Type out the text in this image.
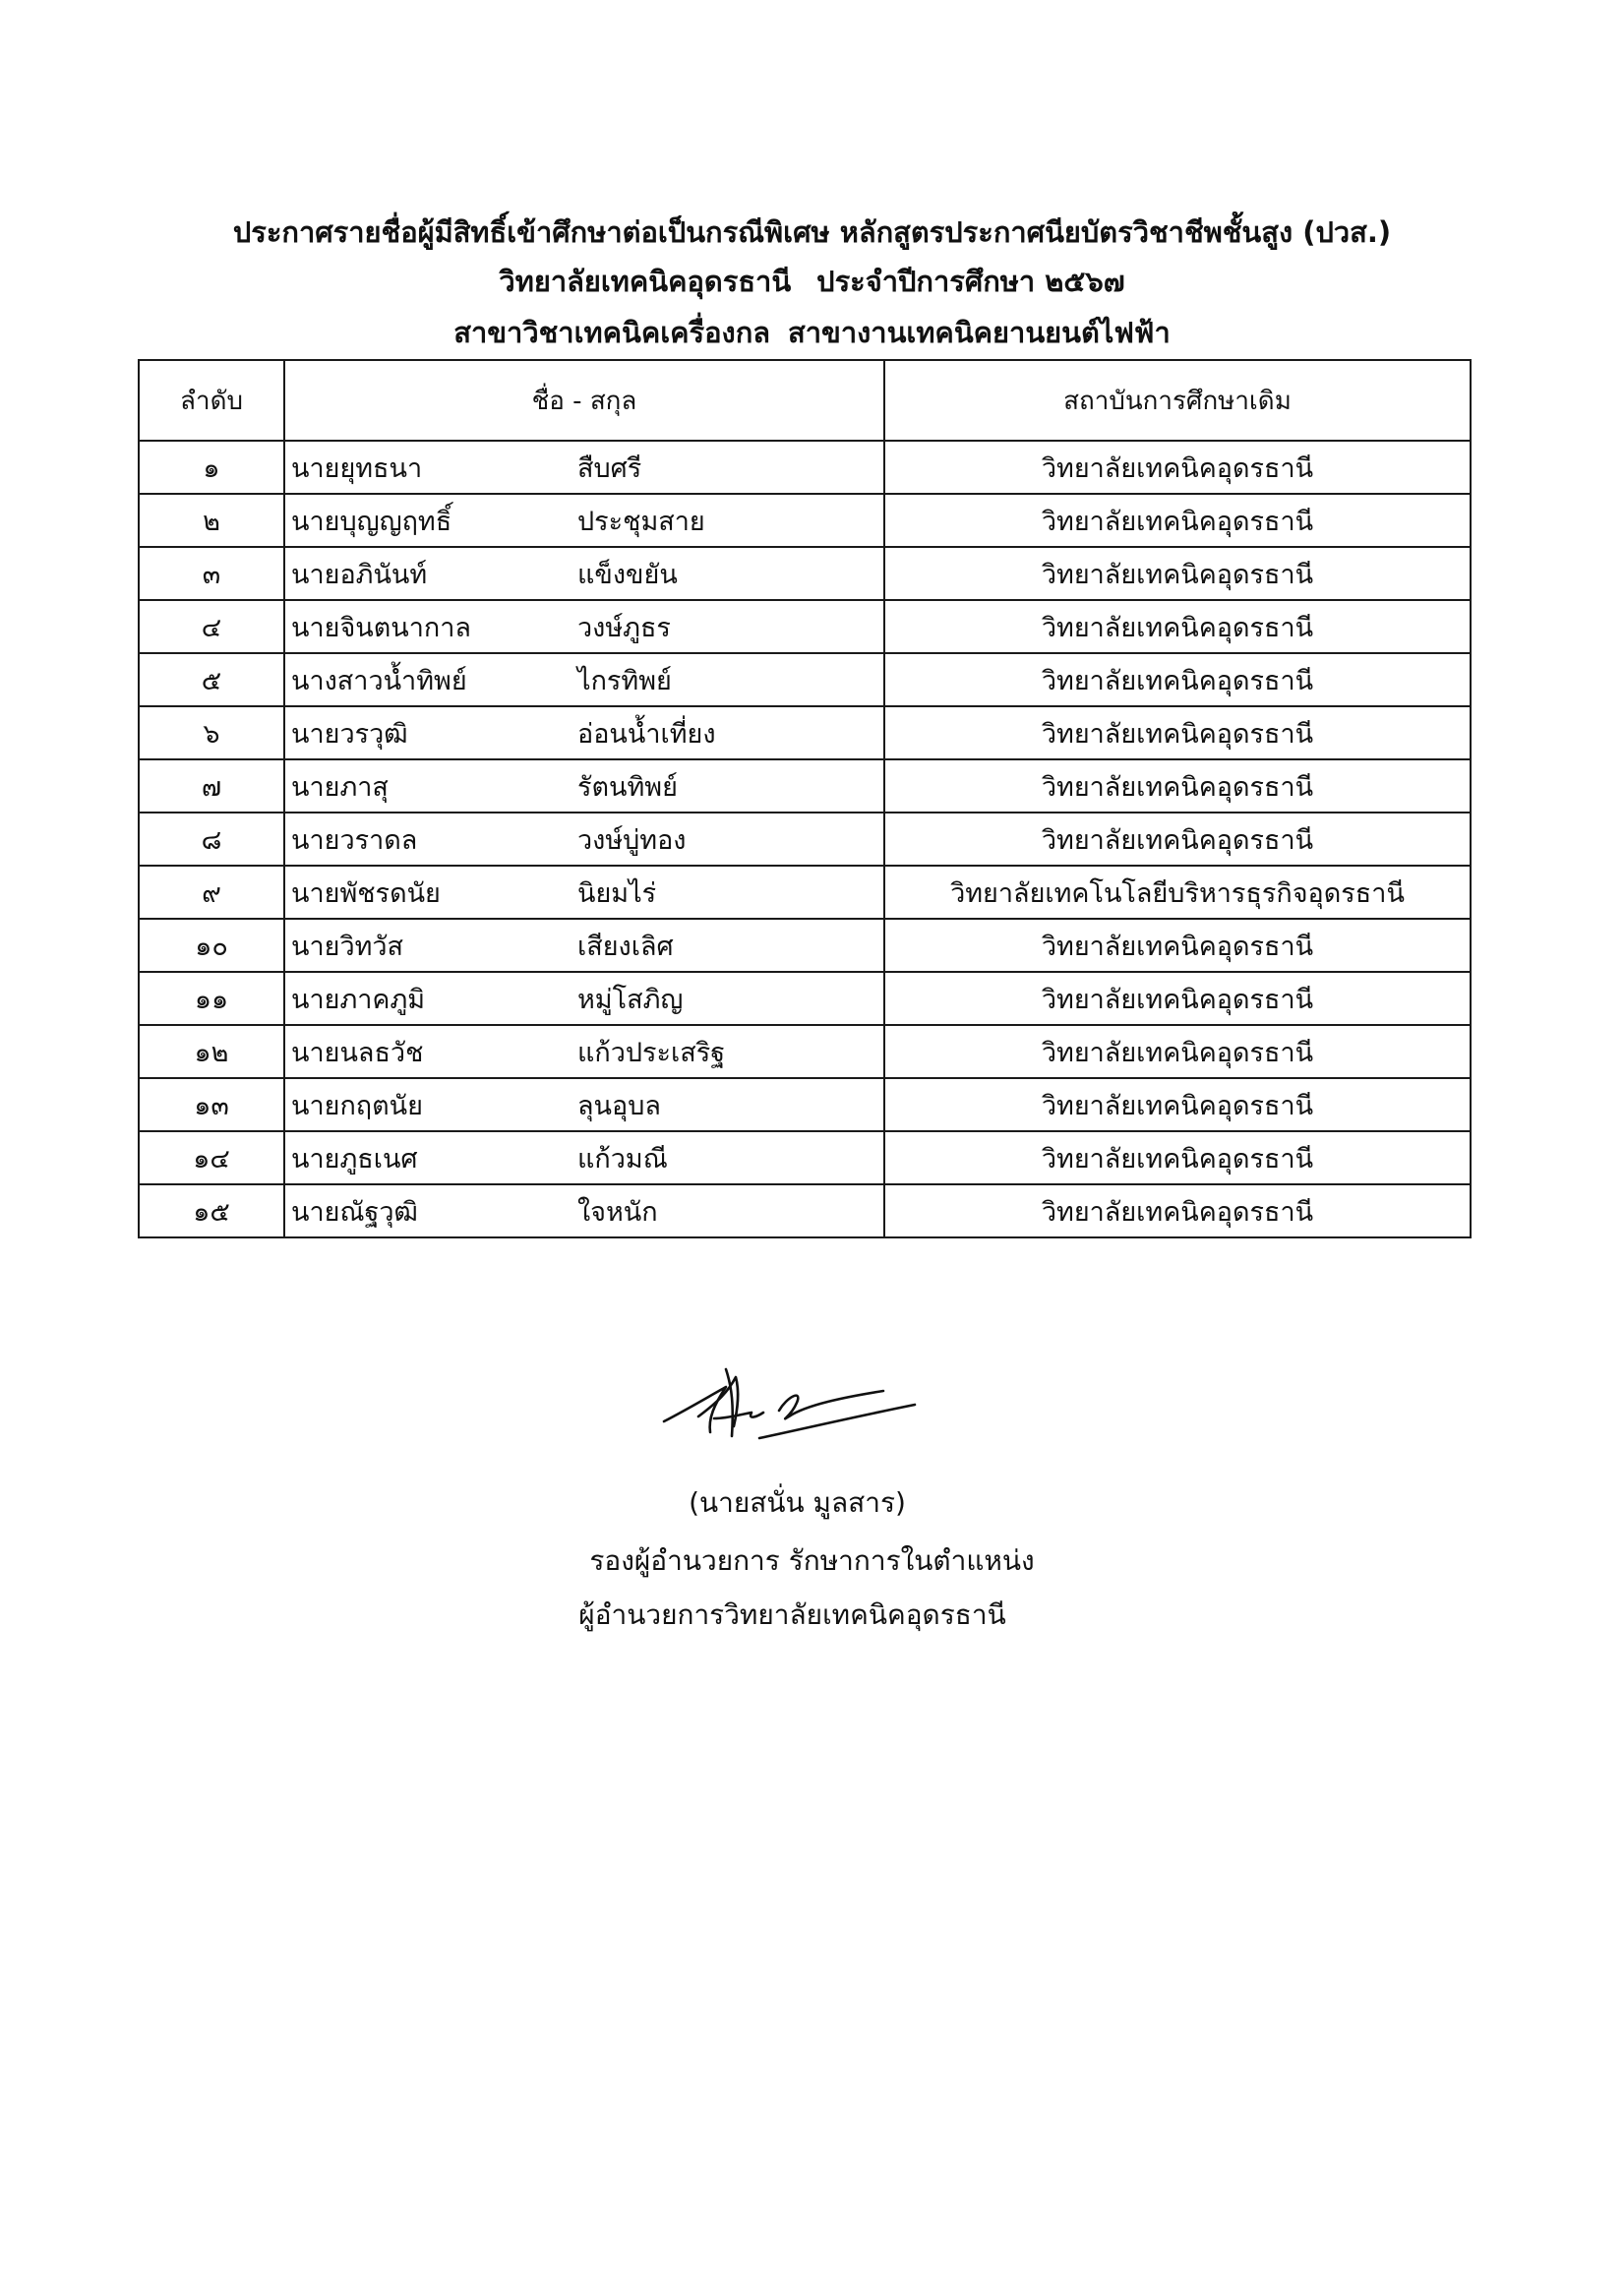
ประกาศรายชื่อผู้มีสิทธิ์เข้าศึกษาต่อเป็นกรณีพิเศษ หลักสูตรประกาศนียบัตรวิชาชีพชั้นสูง (ปวส.)
วิทยาลัยเทคนิคอุดรธานี ประจำปีการศึกษา ๒๕๖๗
สาขาวิชาเทคนิคเครื่องกล สาขางานเทคนิคยานยนต์ไฟฟ้า
ลำดับ	ชื่อ - สกุล	สถาบันการศึกษาเดิม
๑	นายยุทธนา สืบศรี	วิทยาลัยเทคนิคอุดรธานี
๒	นายบุญญฤทธิ์ ประชุมสาย	วิทยาลัยเทคนิคอุดรธานี
๓	นายอภินันท์ แข็งขยัน	วิทยาลัยเทคนิคอุดรธานี
๔	นายจินตนากาล วงษ์ภูธร	วิทยาลัยเทคนิคอุดรธานี
๕	นางสาวน้ำทิพย์ ไกรทิพย์	วิทยาลัยเทคนิคอุดรธานี
๖	นายวรวุฒิ อ่อนน้ำเที่ยง	วิทยาลัยเทคนิคอุดรธานี
๗	นายภาสุ รัตนทิพย์	วิทยาลัยเทคนิคอุดรธานี
๘	นายวราดล วงษ์บู่ทอง	วิทยาลัยเทคนิคอุดรธานี
๙	นายพัชรดนัย นิยมไร่	วิทยาลัยเทคโนโลยีบริหารธุรกิจอุดรธานี
๑๐	นายวิทวัส เสียงเลิศ	วิทยาลัยเทคนิคอุดรธานี
๑๑	นายภาคภูมิ หมู่โสภิญ	วิทยาลัยเทคนิคอุดรธานี
๑๒	นายนลธวัช แก้วประเสริฐ	วิทยาลัยเทคนิคอุดรธานี
๑๓	นายกฤตนัย ลุนอุบล	วิทยาลัยเทคนิคอุดรธานี
๑๔	นายภูธเนศ แก้วมณี	วิทยาลัยเทคนิคอุดรธานี
๑๕	นายณัฐวุฒิ ใจหนัก	วิทยาลัยเทคนิคอุดรธานี
(นายสนั่น มูลสาร)
รองผู้อำนวยการ รักษาการในตำแหน่ง
ผู้อำนวยการวิทยาลัยเทคนิคอุดรธานี
